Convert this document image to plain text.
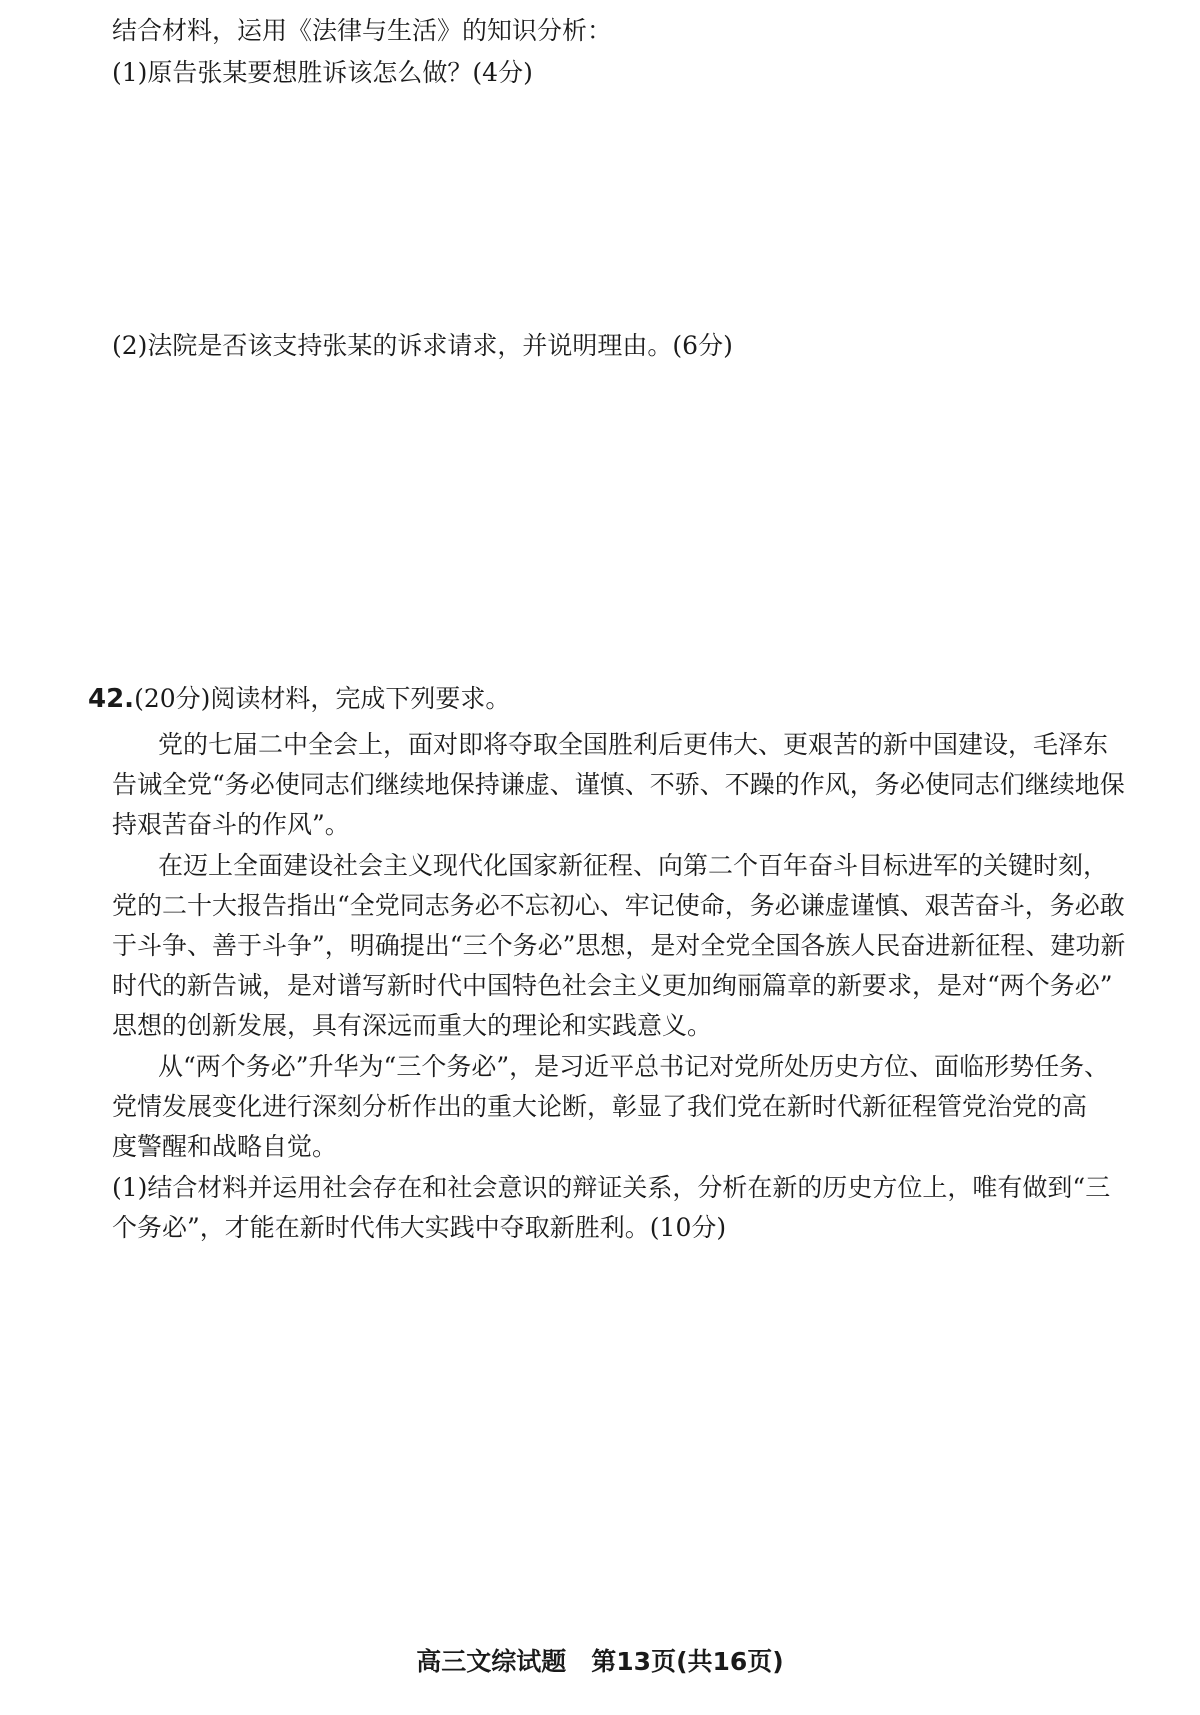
结合材料，运用《法律与生活》的知识分析：
(1)原告张某要想胜诉该怎么做？(4分)
(2)法院是否该支持张某的诉求请求，并说明理由。(6分)
42.(20分)阅读材料，完成下列要求。
党的七届二中全会上，面对即将夺取全国胜利后更伟大、更艰苦的新中国建设，毛泽东
告诫全党“务必使同志们继续地保持谦虚、谨慎、不骄、不躁的作风，务必使同志们继续地保
持艰苦奋斗的作风”。
在迈上全面建设社会主义现代化国家新征程、向第二个百年奋斗目标进军的关键时刻，
党的二十大报告指出“全党同志务必不忘初心、牢记使命，务必谦虚谨慎、艰苦奋斗，务必敢
于斗争、善于斗争”，明确提出“三个务必”思想，是对全党全国各族人民奋进新征程、建功新
时代的新告诫，是对谱写新时代中国特色社会主义更加绚丽篇章的新要求，是对“两个务必”
思想的创新发展，具有深远而重大的理论和实践意义。
从“两个务必”升华为“三个务必”，是习近平总书记对党所处历史方位、面临形势任务、
党情发展变化进行深刻分析作出的重大论断，彰显了我们党在新时代新征程管党治党的高
度警醒和战略自觉。
(1)结合材料并运用社会存在和社会意识的辩证关系，分析在新的历史方位上，唯有做到“三
个务必”，才能在新时代伟大实践中夺取新胜利。(10分)
高三文综试题　第13页(共16页)
